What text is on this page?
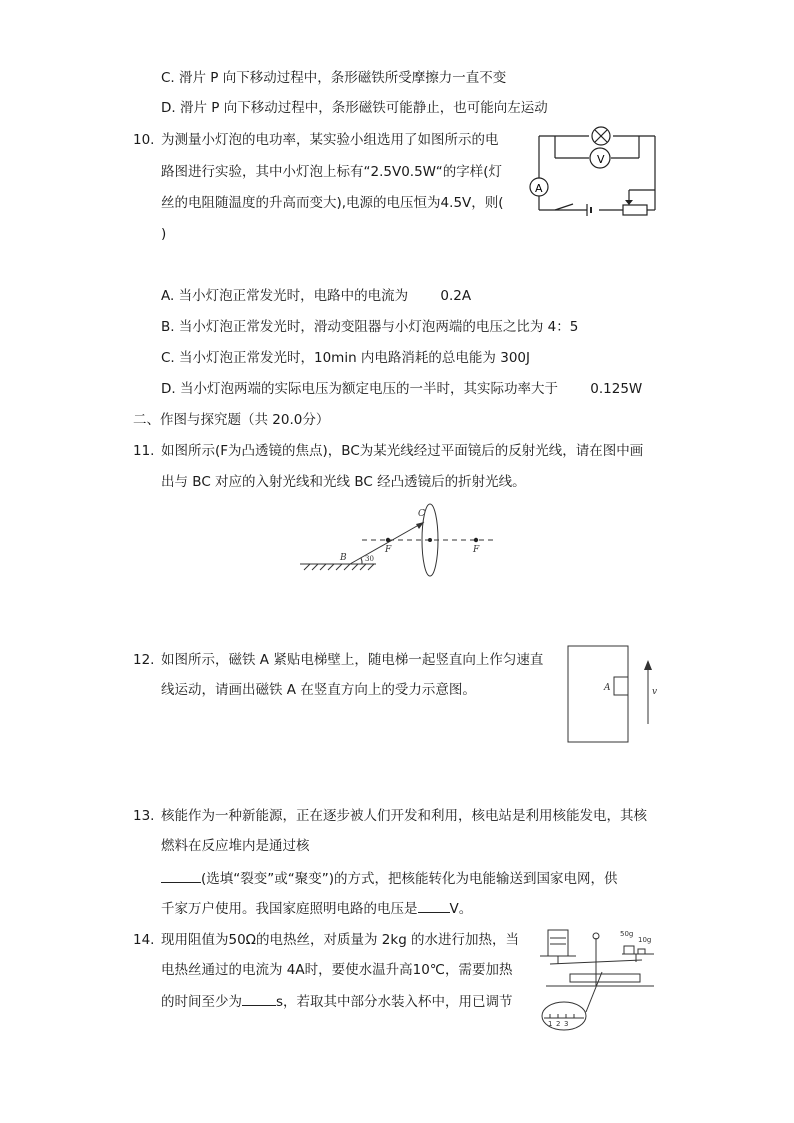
C. 滑片 P 向下移动过程中，条形磁铁所受摩擦力一直不变
D. 滑片 P 向下移动过程中，条形磁铁可能静止，也可能向左运动
10. 为测量小灯泡的电功率，某实验小组选用了如图所示的电
路图进行实验，其中小灯泡上标有“2.5V0.5W“的字样(灯
丝的电阻随温度的升高而变大),电源的电压恒为4.5V，则(
)
V
A
A. 当小灯泡正常发光时，电路中的电流为 0.2A
B. 当小灯泡正常发光时，滑动变阻器与小灯泡两端的电压之比为 4：5
C. 当小灯泡正常发光时，10min 内电路消耗的总电能为 300J
D. 当小灯泡两端的实际电压为额定电压的一半时，其实际功率大于 0.125W
二、作图与探究题（共 20.0分）
11. 如图所示(F为凸透镜的焦点)，BC为某光线经过平面镜后的反射光线，请在图中画
出与 BC 对应的入射光线和光线 BC 经凸透镜后的折射光线。
B
C
F	F
30
12. 如图所示，磁铁 A 紧贴电梯壁上，随电梯一起竖直向上作匀速直
线运动，请画出磁铁 A 在竖直方向上的受力示意图。	A	v
13. 核能作为一种新能源，正在逐步被人们开发和利用，核电站是利用核能发电，其核
燃料在反应堆内是通过核
(选填“裂变”或“聚变”)的方式，把核能转化为电能输送到国家电网，供
千家万户使用。我国家庭照明电路的电压是 V。
14. 现用阻值为50Ω的电热丝，对质量为 2kg 的水进行加热，当
电热丝通过的电流为 4A时，要使水温升高10℃，需要加热
的时间至少为	s，若取其中部分水装入杯中，用已调节
50g
10g
1 2 3
